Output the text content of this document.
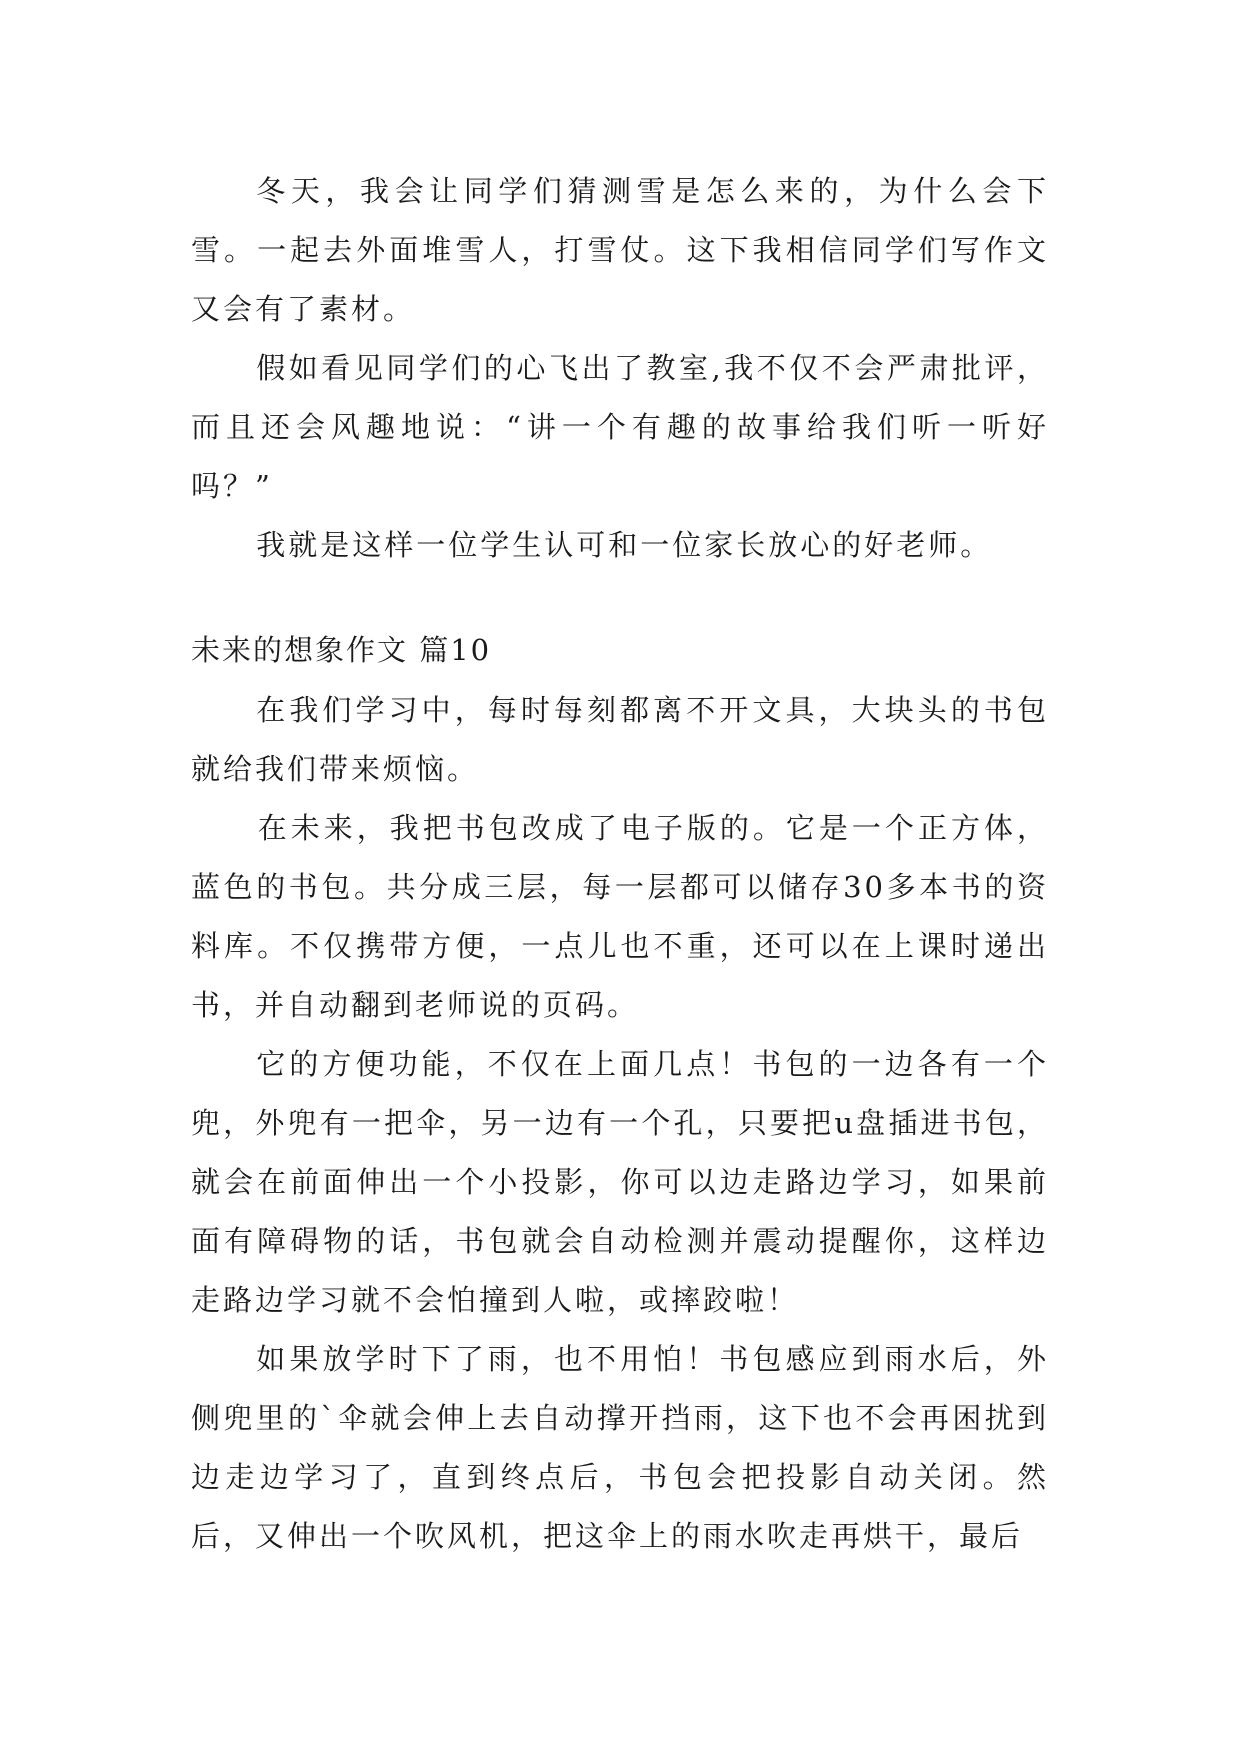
冬天，我会让同学们猜测雪是怎么来的，为什么会下雪。一起去外面堆雪人，打雪仗。这下我相信同学们写作文又会有了素材。

假如看见同学们的心飞出了教室,我不仅不会严肃批评，而且还会风趣地说：“讲一个有趣的故事给我们听一听好吗？”

我就是这样一位学生认可和一位家长放心的好老师。

未来的想象作文 篇10

在我们学习中，每时每刻都离不开文具，大块头的书包就给我们带来烦恼。

在未来，我把书包改成了电子版的。它是一个正方体，蓝色的书包。共分成三层，每一层都可以储存30多本书的资料库。不仅携带方便，一点儿也不重，还可以在上课时递出书，并自动翻到老师说的页码。

它的方便功能，不仅在上面几点！书包的一边各有一个兜，外兜有一把伞，另一边有一个孔，只要把u盘插进书包，就会在前面伸出一个小投影，你可以边走路边学习，如果前面有障碍物的话，书包就会自动检测并震动提醒你，这样边走路边学习就不会怕撞到人啦，或摔跤啦！

如果放学时下了雨，也不用怕！书包感应到雨水后，外侧兜里的`伞就会伸上去自动撑开挡雨，这下也不会再困扰到边走边学习了，直到终点后，书包会把投影自动关闭。然后，又伸出一个吹风机，把这伞上的雨水吹走再烘干，最后
